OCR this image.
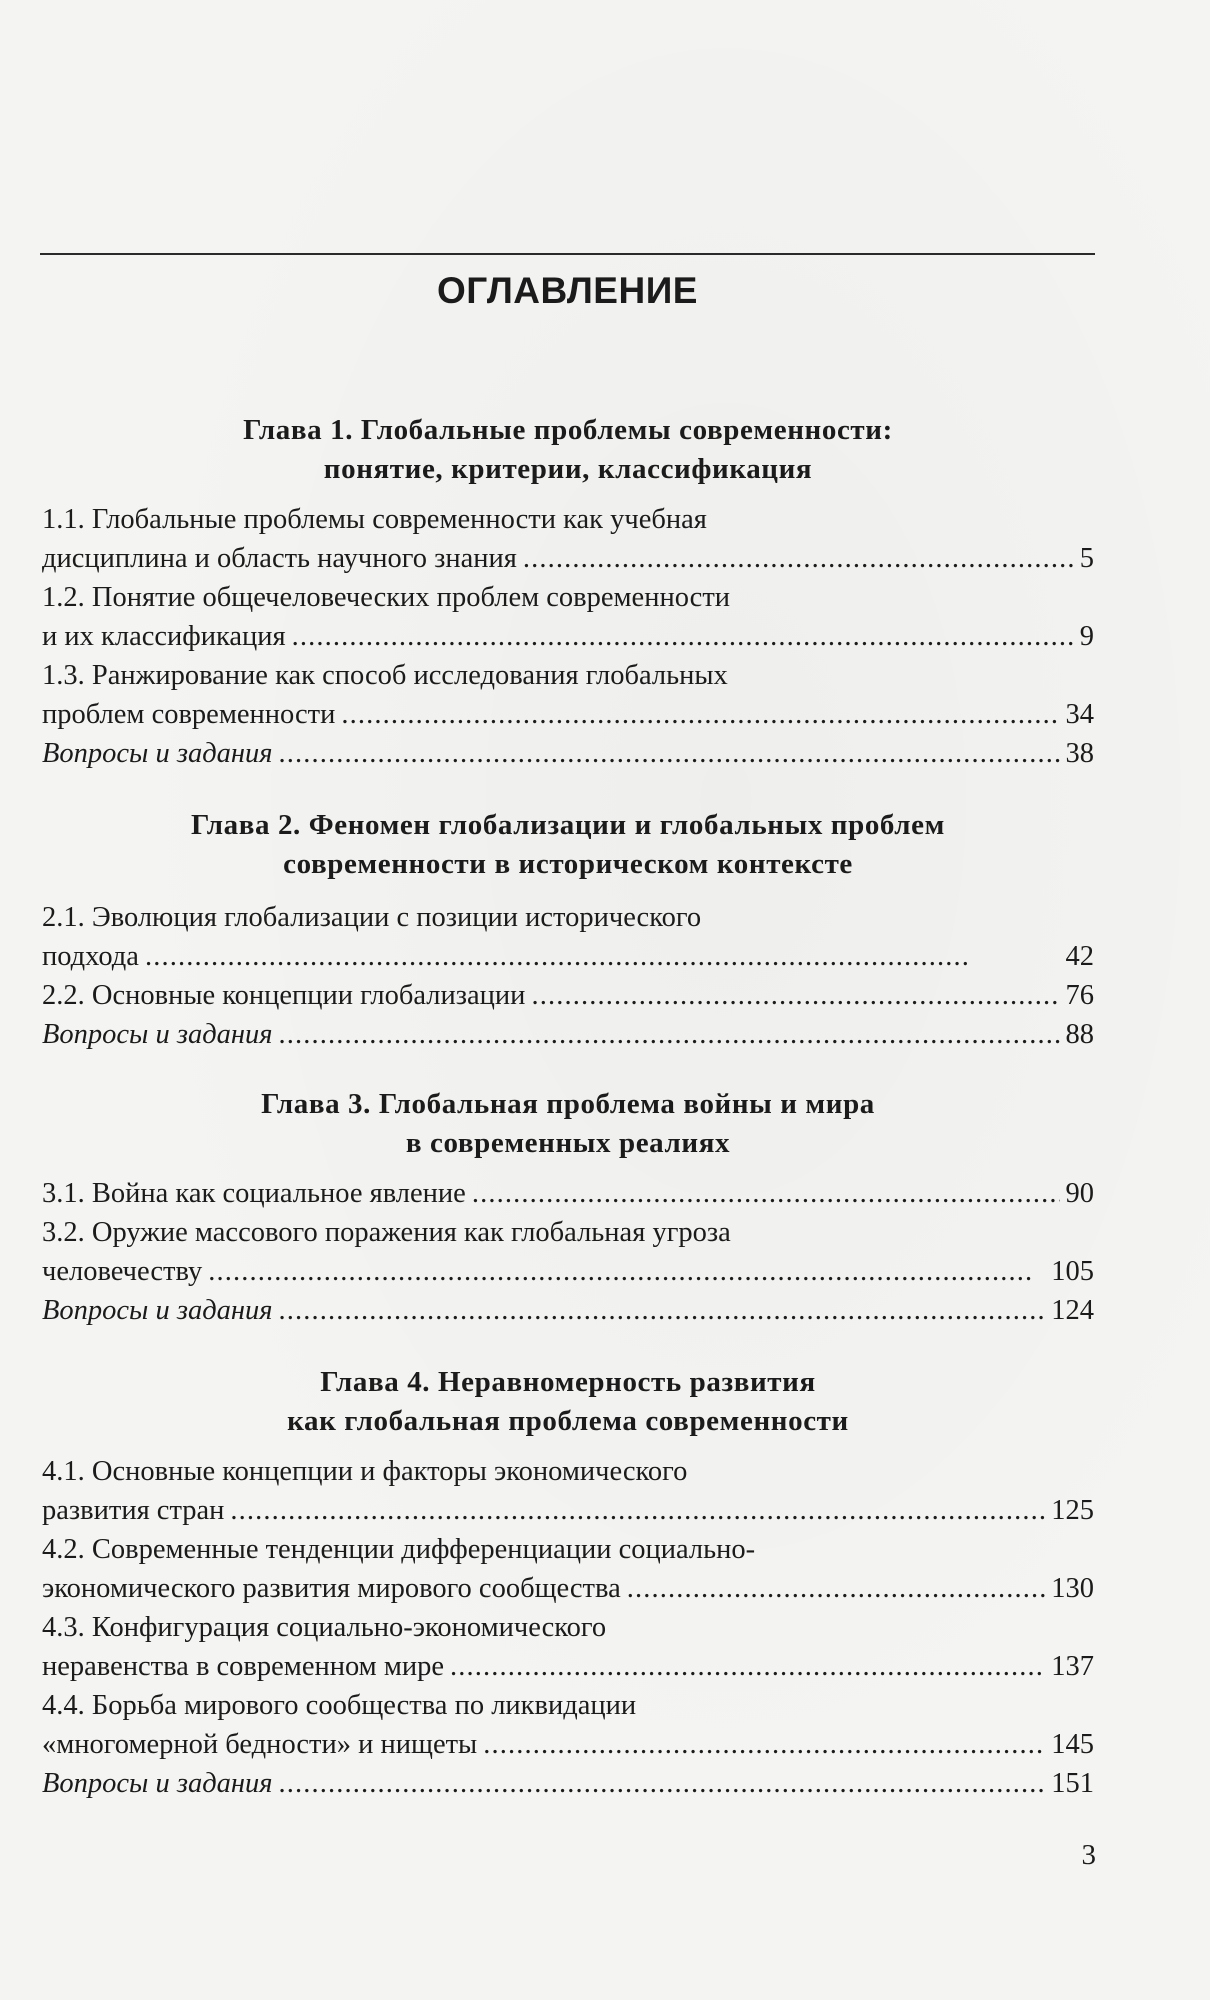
ОГЛАВЛЕНИЕ
Глава 1. Глобальные проблемы современности:
понятие, критерии, классификация
1.1. Глобальные проблемы современности как учебная
дисциплина и область научного знания . . .	5
1.2. Понятие общечеловеческих проблем современности
и их классификация . . .	9
1.3. Ранжирование как способ исследования глобальных
проблем современности . . .	34
Вопросы и задания . . .	38
Глава 2. Феномен глобализации и глобальных проблем
современности в историческом контексте
2.1. Эволюция глобализации с позиции исторического
подхода . . .	42
2.2. Основные концепции глобализации . . .	76
Вопросы и задания . . .	88
Глава 3. Глобальная проблема войны и мира
в современных реалиях
3.1. Война как социальное явление . . .	90
3.2. Оружие массового поражения как глобальная угроза
человечеству . . .	105
Вопросы и задания . . .	124
Глава 4. Неравномерность развития
как глобальная проблема современности
4.1. Основные концепции и факторы экономического
развития стран . . .	125
4.2. Современные тенденции дифференциации социально-
экономического развития мирового сообщества . . .	130
4.3. Конфигурация социально-экономического
неравенства в современном мире . . .	137
4.4. Борьба мирового сообщества по ликвидации
«многомерной бедности» и нищеты . . .	145
Вопросы и задания . . .	151
3
